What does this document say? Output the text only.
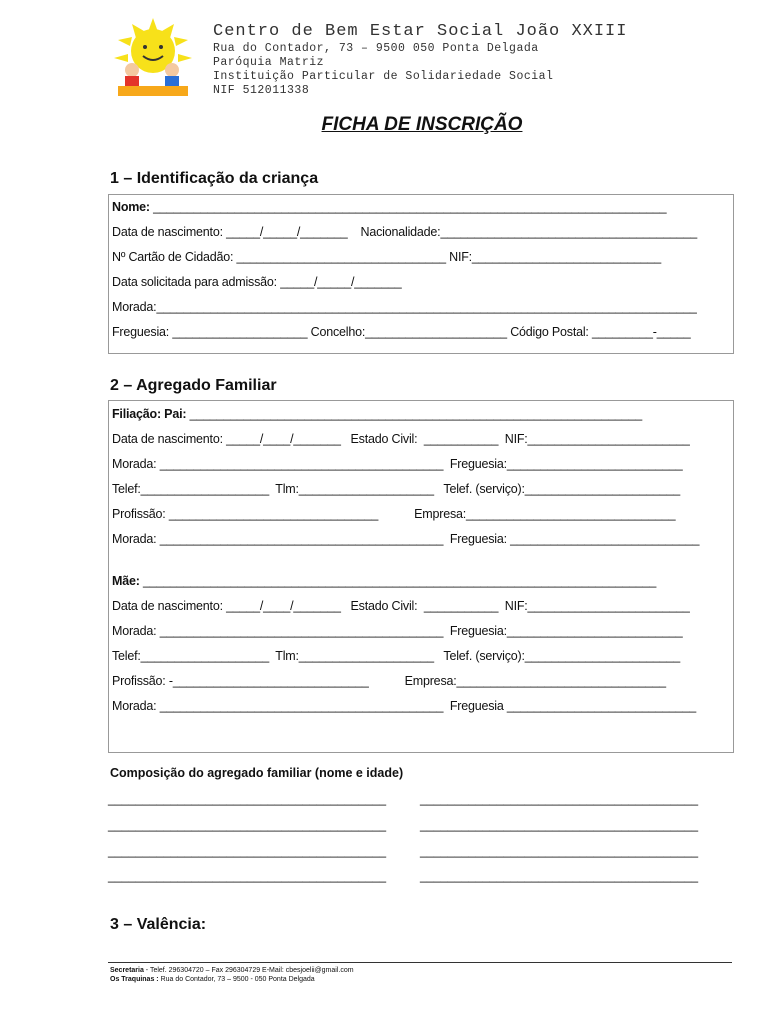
Centro de Bem Estar Social João XXIII
Rua do Contador, 73 – 9500 050 Ponta Delgada
Paróquia Matriz
Instituição Particular de Solidariedade Social
NIF 512011338
FICHA DE INSCRIÇÃO
1 – Identificação da criança
Nome: ____________________________________________________________________________
Data de nascimento: _____/_____/_______    Nacionalidade:______________________________________
Nº Cartão de Cidadão: _______________________________ NIF:____________________________
Data solicitada para admissão: _____/_____/_______
Morada:________________________________________________________________________________
Freguesia: ____________________ Concelho:_____________________ Código Postal: _________-_____
2 – Agregado Familiar
Filiação: Pai: ___________________________________________________________________
Data de nascimento: _____/____/_______   Estado Civil:  ___________  NIF:________________________
Morada: __________________________________________  Freguesia:__________________________
Telef:___________________  Tlm:____________________   Telef. (serviço):_______________________
Profissão: _______________________________           Empresa:_______________________________
Morada: __________________________________________  Freguesia: ____________________________
Mãe: ____________________________________________________________________________
Data de nascimento: _____/____/_______   Estado Civil:  ___________  NIF:________________________
Morada: __________________________________________  Freguesia:__________________________
Telef:___________________  Tlm:____________________   Telef. (serviço):_______________________
Profissão: -_____________________________           Empresa:_______________________________
Morada: __________________________________________  Freguesia ____________________________
Composição do agregado familiar (nome e idade)
________________________________________	________________________________________
________________________________________	________________________________________
________________________________________	________________________________________
________________________________________	________________________________________
3 – Valência:
Secretaria - Telef. 296304720 – Fax 296304729 E-Mail: cbesjoelii@gmail.com
Os Traquinas : Rua do Contador, 73 – 9500 - 050 Ponta Delgada
